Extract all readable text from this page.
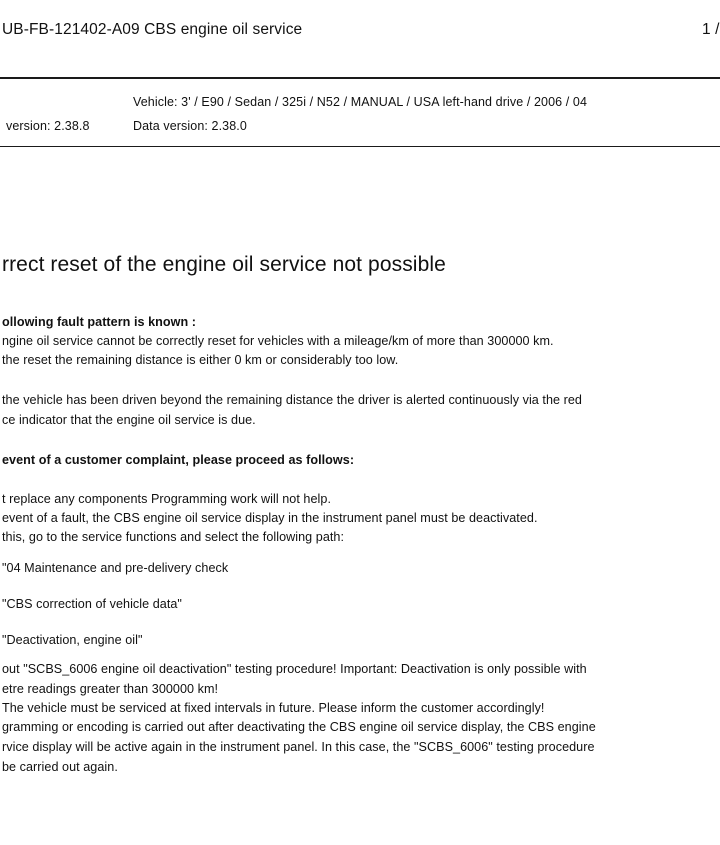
UB-FB-121402-A09 CBS engine oil service	1 /
Vehicle: 3' / E90 / Sedan / 325i / N52 / MANUAL / USA left-hand drive / 2006 / 04
version: 2.38.8	Data version: 2.38.0
rrect reset of the engine oil service not possible
ollowing fault pattern is known :
ngine oil service cannot be correctly reset for vehicles with a mileage/km of more than 300000 km.
the reset the remaining distance is either 0 km or considerably too low.
the vehicle has been driven beyond the remaining distance the driver is alerted continuously via the red
ce indicator that the engine oil service is due.
event of a customer complaint, please proceed as follows:
t replace any components Programming work will not help.
event of a fault, the CBS engine oil service display in the instrument panel must be deactivated.
this, go to the service functions and select the following path:
"04 Maintenance and pre-delivery check
"CBS correction of vehicle data"
"Deactivation, engine oil"
out "SCBS_6006 engine oil deactivation" testing procedure! Important: Deactivation is only possible with
etre readings greater than 300000 km!
The vehicle must be serviced at fixed intervals in future. Please inform the customer accordingly!
gramming or encoding is carried out after deactivating the CBS engine oil service display, the CBS engine
rvice display will be active again in the instrument panel. In this case, the "SCBS_6006" testing procedure
be carried out again.
